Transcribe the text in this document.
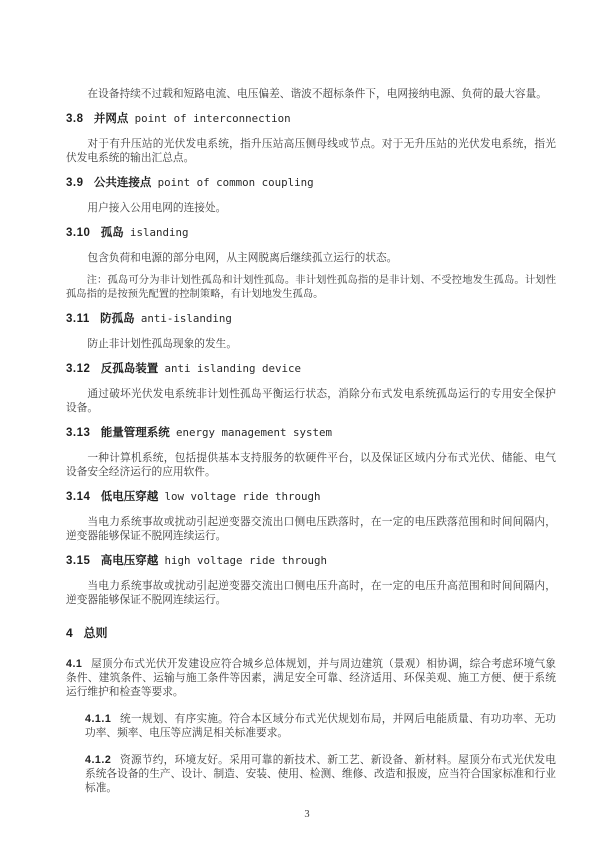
在设备持续不过载和短路电流、电压偏差、谐波不超标条件下，电网接纳电源、负荷的最大容量。

3.8 并网点 point of interconnection

对于有升压站的光伏发电系统，指升压站高压侧母线或节点。对于无升压站的光伏发电系统，指光伏发电系统的输出汇总点。

3.9 公共连接点 point of common coupling

用户接入公用电网的连接处。

3.10 孤岛 islanding

包含负荷和电源的部分电网，从主网脱离后继续孤立运行的状态。

注：孤岛可分为非计划性孤岛和计划性孤岛。非计划性孤岛指的是非计划、不受控地发生孤岛。计划性孤岛指的是按预先配置的控制策略，有计划地发生孤岛。

3.11 防孤岛 anti-islanding

防止非计划性孤岛现象的发生。

3.12 反孤岛装置 anti islanding device

通过破坏光伏发电系统非计划性孤岛平衡运行状态，消除分布式发电系统孤岛运行的专用安全保护设备。

3.13 能量管理系统 energy management system

一种计算机系统，包括提供基本支持服务的软硬件平台，以及保证区域内分布式光伏、储能、电气设备安全经济运行的应用软件。

3.14 低电压穿越 low voltage ride through

当电力系统事故或扰动引起逆变器交流出口侧电压跌落时，在一定的电压跌落范围和时间间隔内，逆变器能够保证不脱网连续运行。

3.15 高电压穿越 high voltage ride through

当电力系统事故或扰动引起逆变器交流出口侧电压升高时，在一定的电压升高范围和时间间隔内，逆变器能够保证不脱网连续运行。

4 总则

4.1 屋顶分布式光伏开发建设应符合城乡总体规划，并与周边建筑（景观）相协调，综合考虑环境气象条件、建筑条件、运输与施工条件等因素，满足安全可靠、经济适用、环保美观、施工方便、便于系统运行维护和检查等要求。

4.1.1 统一规划、有序实施。符合本区域分布式光伏规划布局，并网后电能质量、有功功率、无功功率、频率、电压等应满足相关标准要求。

4.1.2 资源节约，环境友好。采用可靠的新技术、新工艺、新设备、新材料。屋顶分布式光伏发电系统各设备的生产、设计、制造、安装、使用、检测、维修、改造和报废，应当符合国家标准和行业标准。

3
